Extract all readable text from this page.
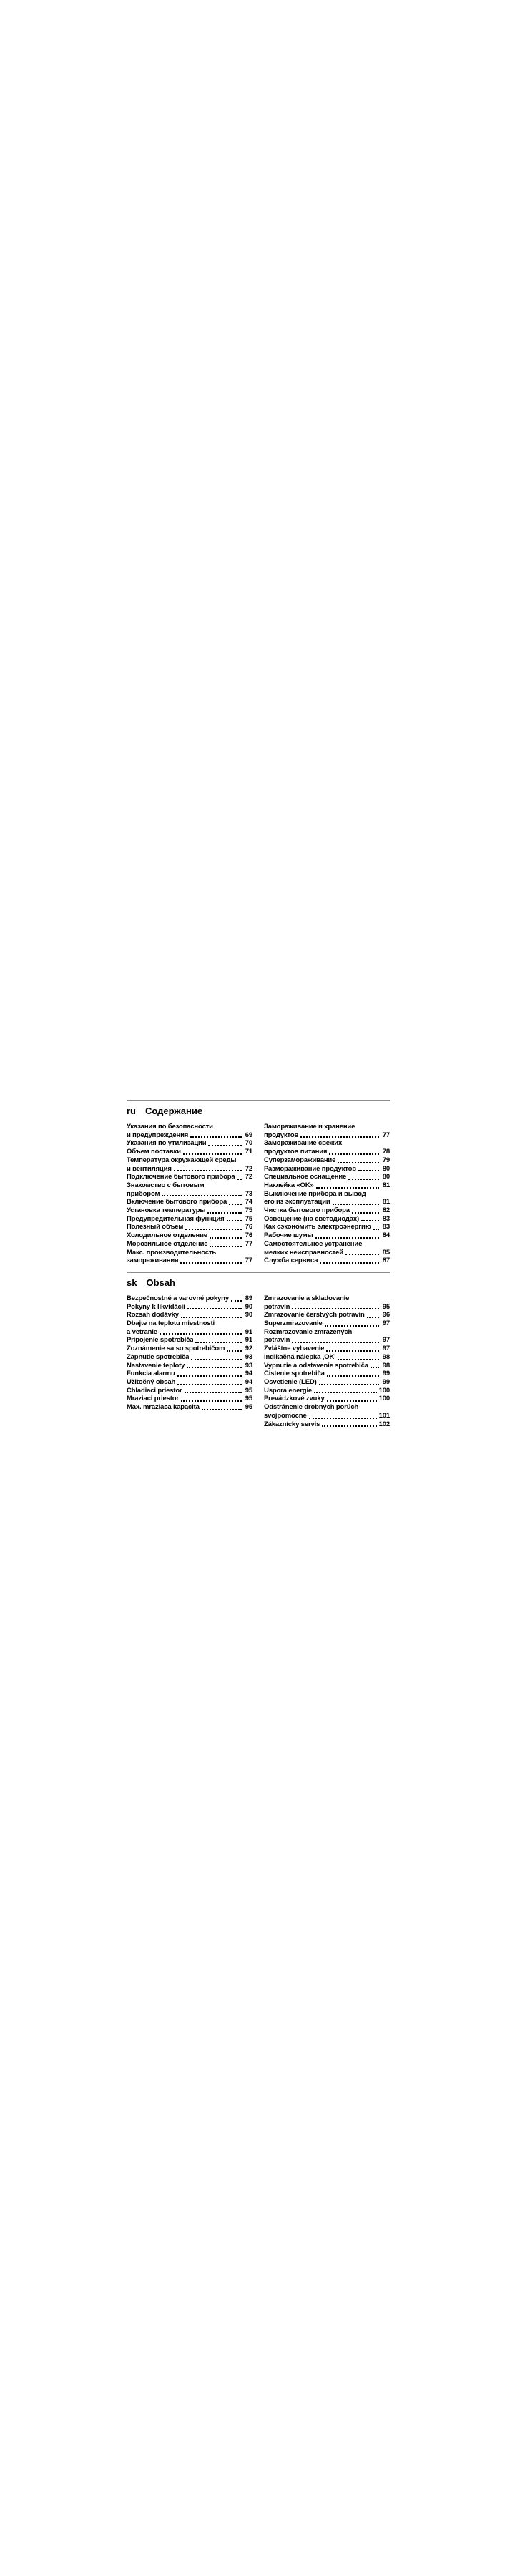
ru Содержание
Указания по безопасности
и предупреждения	69
Указания по утилизации	70
Объем поставки	71
Температура окружающей среды
и вентиляция	72
Подключение бытового прибора 72
Знакомство с бытовым
прибором	73
Включение бытового прибора	74
Установка температуры	75
Предупредительная функция	75
Полезный объем	76
Холодильное отделение	76
Морозильное отделение	77
Макс. производительность
замораживания	77
Замораживание и хранение
продуктов	77
Замораживание свежих
продуктов питания	78
Суперзамораживание	79
Размораживание продуктов	80
Специальное оснащение	80
Наклейка «OK»	81
Выключение прибора и вывод
его из эксплуатации	81
Чистка бытового прибора	82
Освещение (на светодиодах)	83
Как сэкономить электроэнергию 83
Рабочие шумы	84
Самостоятельное устранение
мелких неисправностей	85
Служба сервиса	87
sk Obsah
Bezpečnostné a varovné pokyny 89
Pokyny k likvidácii	90
Rozsah dodávky	90
Dbajte na teplotu miestnosti
a vetranie	91
Pripojenie spotrebiča	91
Zoznámenie sa so spotrebičom	92
Zapnutie spotrebiča	93
Nastavenie teploty	93
Funkcia alarmu	94
Užitočný obsah	94
Chladiaci priestor	95
Mraziaci priestor	95
Max. mraziaca kapacita	95
Zmrazovanie a skladovanie
potravín	95
Zmrazovanie čerstvých potravín	96
Superzmrazovanie	97
Rozmrazovanie zmrazených
potravín	97
Zvláštne vybavenie	97
Indikačná nálepka ‚OK'	98
Vypnutie a odstavenie spotrebiča 98
Čistenie spotrebiča	99
Osvetlenie (LED)	99
Úspora energie	100
Prevádzkové zvuky	100
Odstránenie drobných porúch
svojpomocne	101
Zákaznícky servis	102
